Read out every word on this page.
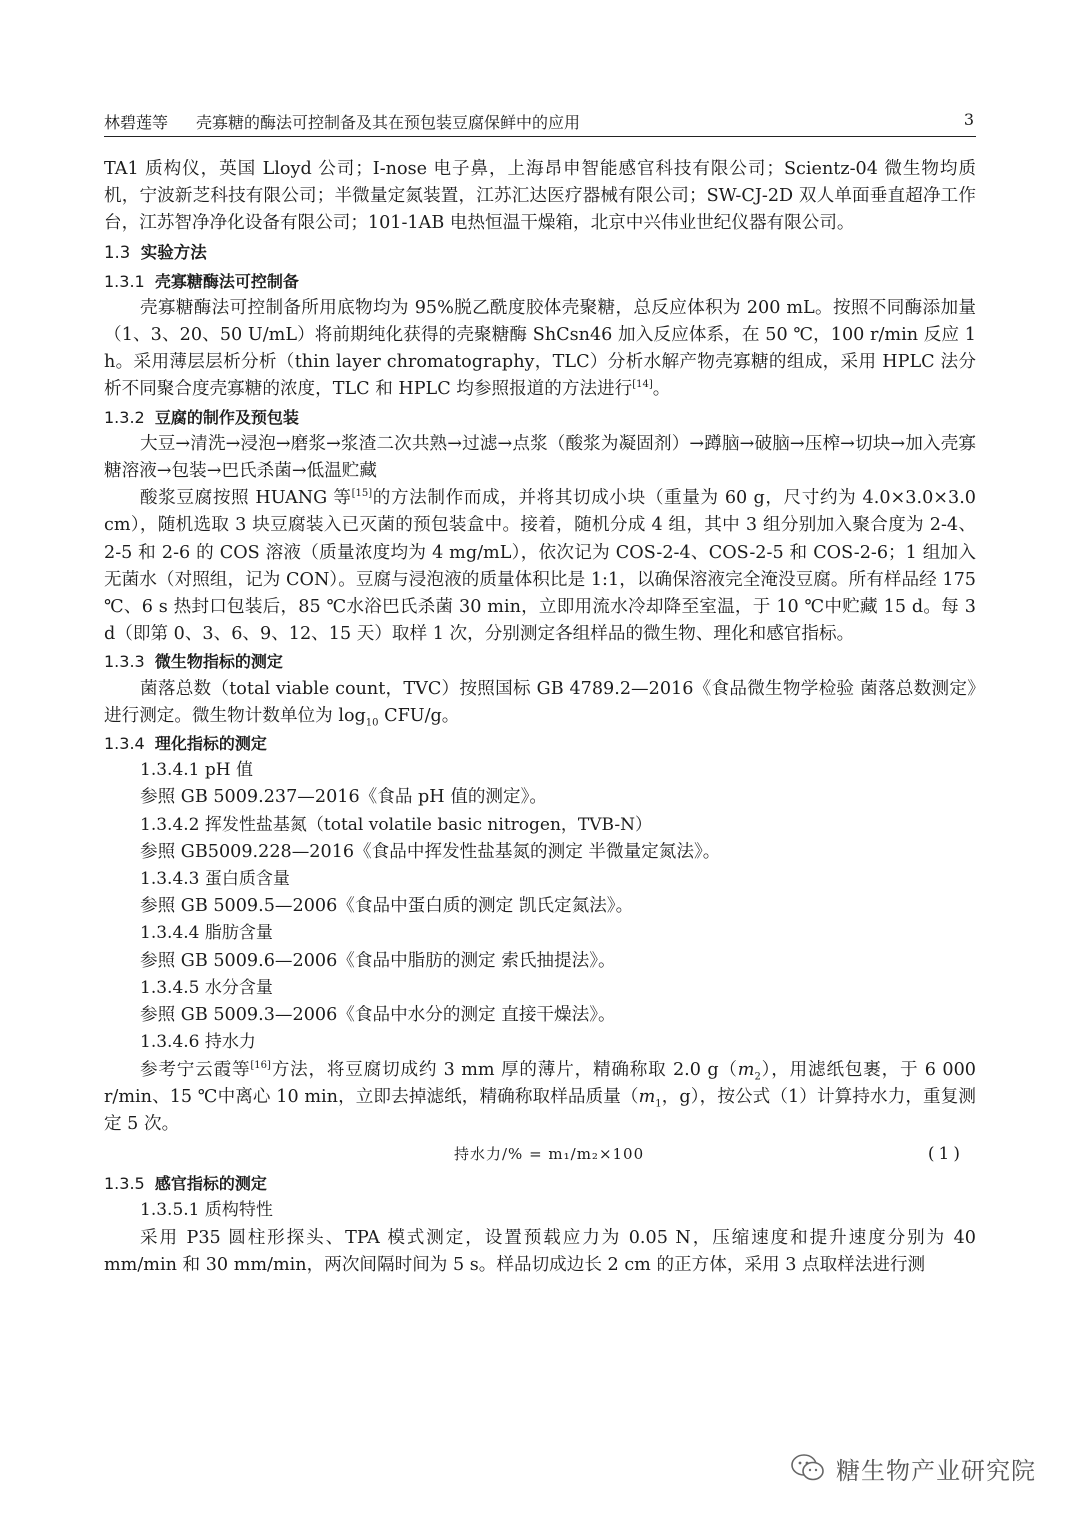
林碧莲等 壳寡糖的酶法可控制备及其在预包装豆腐保鲜中的应用	3

TA1 质构仪，英国 Lloyd 公司；I-nose 电子鼻，上海昂申智能感官科技有限公司；Scientz-04 微生物均质机，宁波新芝科技有限公司；半微量定氮装置，江苏汇达医疗器械有限公司；SW-CJ-2D 双人单面垂直超净工作台，江苏智净净化设备有限公司；101-1AB 电热恒温干燥箱，北京中兴伟业世纪仪器有限公司。

1.3 实验方法

1.3.1 壳寡糖酶法可控制备

壳寡糖酶法可控制备所用底物均为 95%脱乙酰度胶体壳聚糖，总反应体积为 200 mL。按照不同酶添加量（1、3、20、50 U/mL）将前期纯化获得的壳聚糖酶 ShCsn46 加入反应体系，在 50 ℃，100 r/min 反应 1 h。采用薄层层析分析（thin layer chromatography，TLC）分析水解产物壳寡糖的组成，采用 HPLC 法分析不同聚合度壳寡糖的浓度，TLC 和 HPLC 均参照报道的方法进行[14]。

1.3.2 豆腐的制作及预包装

大豆→清洗→浸泡→磨浆→浆渣二次共熟→过滤→点浆（酸浆为凝固剂）→蹲脑→破脑→压榨→切块→加入壳寡糖溶液→包装→巴氏杀菌→低温贮藏

酸浆豆腐按照 HUANG 等[15]的方法制作而成，并将其切成小块（重量为 60 g，尺寸约为 4.0×3.0×3.0 cm），随机选取 3 块豆腐装入已灭菌的预包装盒中。接着，随机分成 4 组，其中 3 组分别加入聚合度为 2-4、2-5 和 2-6 的 COS 溶液（质量浓度均为 4 mg/mL），依次记为 COS-2-4、COS-2-5 和 COS-2-6；1 组加入无菌水（对照组，记为 CON）。豆腐与浸泡液的质量体积比是 1:1，以确保溶液完全淹没豆腐。所有样品经 175 ℃、6 s 热封口包装后，85 ℃水浴巴氏杀菌 30 min，立即用流水冷却降至室温，于 10 ℃中贮藏 15 d。每 3 d（即第 0、3、6、9、12、15 天）取样 1 次，分别测定各组样品的微生物、理化和感官指标。

1.3.3 微生物指标的测定

菌落总数（total viable count，TVC）按照国标 GB 4789.2—2016《食品微生物学检验 菌落总数测定》进行测定。微生物计数单位为 $\log_{10} CFU/g$。

1.3.4 理化指标的测定

1.3.4.1 pH 值

参照 GB 5009.237—2016《食品 pH 值的测定》。

1.3.4.2 挥发性盐基氮（total volatile basic nitrogen，TVB-N）

参照 GB5009.228—2016《食品中挥发性盐基氮的测定 半微量定氮法》。

1.3.4.3 蛋白质含量

参照 GB 5009.5—2006《食品中蛋白质的测定 凯氏定氮法》。

1.3.4.4 脂肪含量

参照 GB 5009.6—2006《食品中脂肪的测定 索氏抽提法》。

1.3.4.5 水分含量

参照 GB 5009.3—2006《食品中水分的测定 直接干燥法》。

1.3.4.6 持水力

参考宁云霞等[16]方法，将豆腐切成约 3 mm 厚的薄片，精确称取 2.0 $g(m_2)$，用滤纸包裹，于 6 000 r/min、15 ℃中离心 10 min，立即去掉滤纸，精确称取样品质量（$m_1$，g），按公式（1）计算持水力，重复测定 5 次。

持水力/% = m₁/m₂×100	(1)

1.3.5 感官指标的测定

1.3.5.1 质构特性

采用 P35 圆柱形探头、TPA 模式测定，设置预载应力为 0.05 N，压缩速度和提升速度分别为 40 mm/min 和 30 mm/min，两次间隔时间为 5 s。样品切成边长 2 cm 的正方体，采用 3 点取样法进行测

糖生物产业研究院
